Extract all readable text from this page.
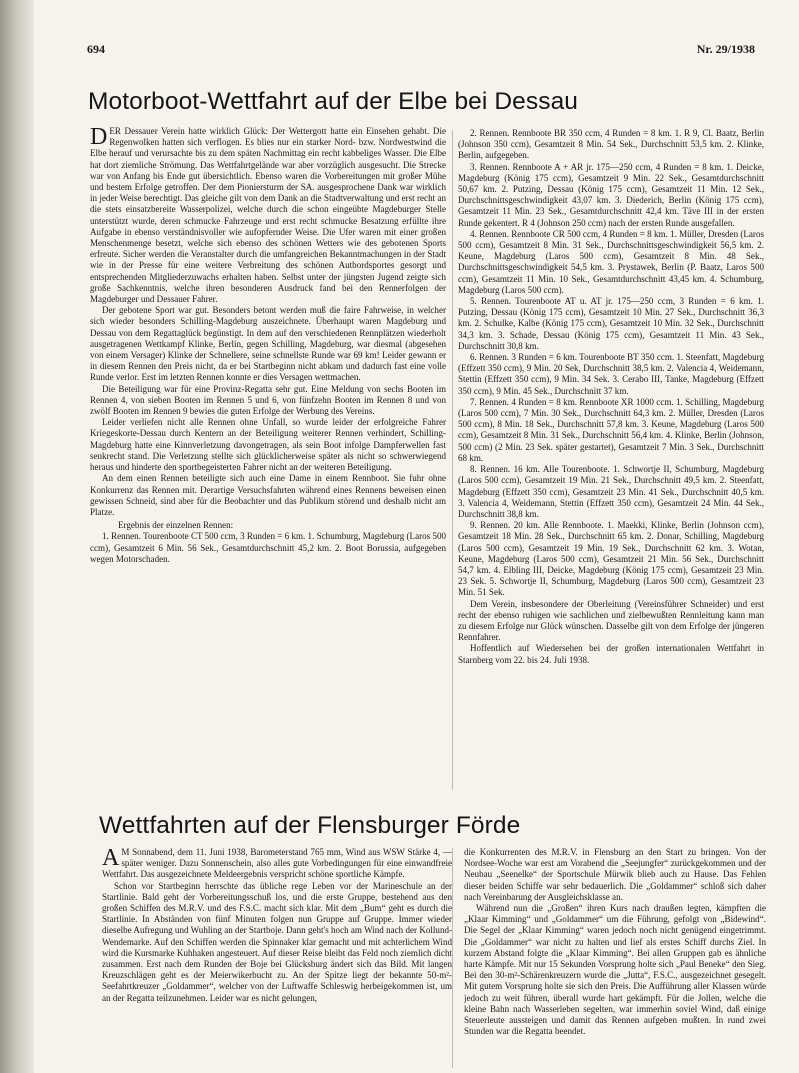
694	Nr. 29/1938
Motorboot-Wettfahrt auf der Elbe bei Dessau

DER Dessauer Verein hatte wirklich Glück: Der Wettergott hatte ein Einsehen gehabt. Die Regenwolken hatten sich verflogen. Es blies nur ein starker Nord- bzw. Nordwestwind die Elbe herauf und verursachte bis zu dem späten Nachmittag ein recht kabbeliges Wasser. Die Elbe hat dort ziemliche Strömung. Das Wettfahrtgelände war aber vorzüglich ausgesucht. Die Strecke war von Anfang bis Ende gut übersichtlich. Ebenso waren die Vorbereitungen mit großer Mühe und bestem Erfolge getroffen. Der dem Pioniersturm der SA. ausgesprochene Dank war wirklich in jeder Weise berechtigt. Das gleiche gilt von dem Dank an die Stadtverwaltung und erst recht an die stets einsatzbereite Wasserpolizei, welche durch die schon eingeübte Magdeburger Stelle unterstützt wurde, deren schmucke Fahrzeuge und erst recht schmucke Besatzung erfüllte ihre Aufgabe in ebenso verständnisvoller wie aufopfernder Weise. Die Ufer waren mit einer großen Menschenmenge besetzt, welche sich ebenso des schönen Wetters wie des gebotenen Sports erfreute. Sicher werden die Veranstalter durch die umfangreichen Bekanntmachungen in der Stadt wie in der Presse für eine weitere Verbreitung des schönen Autbordsportes gesorgt und entsprechenden Mitgliederzuwachs erhalten haben. Selbst unter der jüngsten Jugend zeigte sich große Sachkenntnis, welche ihren besonderen Ausdruck fand bei den Rennerfolgen der Magdeburger und Dessauer Fahrer.

Der gebotene Sport war gut. Besonders betont werden muß die faire Fahrweise, in welcher sich wieder besonders Schilling-Magdeburg auszeichnete. Überhaupt waren Magdeburg und Dessau von dem Regattaglück begünstigt. In dem auf den verschiedenen Rennplätzen wiederholt ausgetragenen Wettkampf Klinke, Berlin, gegen Schilling, Magdeburg, war diesmal (abgesehen von einem Versager) Klinke der Schnellere, seine schnellste Runde war 69 km! Leider gewann er in diesem Rennen den Preis nicht, da er bei Startbeginn nicht abkam und dadurch fast eine volle Runde verlor. Erst im letzten Rennen konnte er dies Versagen wettmachen.

Die Beteiligung war für eine Provinz-Regatta sehr gut. Eine Meldung von sechs Booten im Rennen 4, von sieben Booten im Rennen 5 und 6, von fünfzehn Booten im Rennen 8 und von zwölf Booten im Rennen 9 bewies die guten Erfolge der Werbung des Vereins.

Leider verliefen nicht alle Rennen ohne Unfall, so wurde leider der erfolgreiche Fahrer Kriegeskorte-Dessau durch Kentern an der Beteiligung weiterer Rennen verhindert, Schilling-Magdeburg hatte eine Kinnverletzung davongetragen, als sein Boot infolge Dampferwellen fast senkrecht stand. Die Verletzung stellte sich glücklicherweise später als nicht so schwerwiegend heraus und hinderte den sportbegeisterten Fahrer nicht an der weiteren Beteiligung.

An dem einen Rennen beteiligte sich auch eine Dame in einem Rennboot. Sie fuhr ohne Konkurrenz das Rennen mit. Derartige Versuchsfahrten während eines Rennens beweisen einen gewissen Schneid, sind aber für die Beobachter und das Publikum störend und deshalb nicht am Platze.

Ergebnis der einzelnen Rennen:

1. Rennen. Tourenboote CT 500 ccm, 3 Runden = 6 km. 1. Schumburg, Magdeburg (Laros 500 ccm), Gesamtzeit 6 Min. 56 Sek., Gesamtdurchschnitt 45,2 km. 2. Boot Borussia, aufgegeben wegen Motorschaden.

2. Rennen. Rennboote BR 350 ccm, 4 Runden = 8 km. 1. R 9, Cl. Baatz, Berlin (Johnson 350 ccm), Gesamtzeit 8 Min. 54 Sek., Durchschnitt 53,5 km. 2. Klinke, Berlin, aufgegeben.

3. Rennen. Rennboote A + AR jr. 175—250 ccm, 4 Runden = 8 km. 1. Deicke, Magdeburg (König 175 ccm), Gesamtzeit 9 Min. 22 Sek., Gesamtdurchschnitt 50,67 km. 2. Putzing, Dessau (König 175 ccm), Gesamtzeit 11 Min. 12 Sek., Durchschnittsgeschwindigkeit 43,07 km. 3. Diederich, Berlin (König 175 ccm), Gesamtzeit 11 Min. 23 Sek., Gesamtdurchschnitt 42,4 km. Täve III in der ersten Runde gekentert. R 4 (Johnson 250 ccm) nach der ersten Runde ausgefallen.

4. Rennen. Rennboote CR 500 ccm, 4 Runden = 8 km. 1. Müller, Dresden (Laros 500 ccm), Gesamtzeit 8 Min. 31 Sek., Durchschnittsgeschwindigkeit 56,5 km. 2. Keune, Magdeburg (Laros 500 ccm), Gesamtzeit 8 Min. 48 Sek., Durchschnittsgeschwindigkeit 54,5 km. 3. Prystawek, Berlin (P. Baatz, Laros 500 ccm), Gesamtzeit 11 Min. 10 Sek., Gesamtdurchschnitt 43,45 km. 4. Schumburg, Magdeburg (Laros 500 ccm).

5. Rennen. Tourenboote AT u. AT jr. 175—250 ccm, 3 Runden = 6 km. 1. Putzing, Dessau (König 175 ccm), Gesamtzeit 10 Min. 27 Sek., Durchschnitt 36,3 km. 2. Schulke, Kalbe (König 175 ccm), Gesamtzeit 10 Min. 32 Sek., Durchschnitt 34,3 km. 3. Schade, Dessau (König 175 ccm), Gesamtzeit 11 Min. 43 Sek., Durchschnitt 30,8 km.

6. Rennen. 3 Runden = 6 km. Tourenboote BT 350 ccm. 1. Steenfatt, Magdeburg (Effzett 350 ccm), 9 Min. 20 Sek, Durchschnitt 38,5 km. 2. Valencia 4, Weidemann, Stettin (Effzett 350 ccm), 9 Min. 34 Sek. 3. Cerabo III, Tanke, Magdeburg (Effzett 350 ccm), 9 Min. 45 Sek., Durchschnitt 37 km.

7. Rennen. 4 Runden = 8 km. Rennboote XR 1000 ccm. 1. Schilling, Magdeburg (Laros 500 ccm), 7 Min. 30 Sek., Durchschnitt 64,3 km. 2. Müller, Dresden (Laros 500 ccm), 8 Min. 18 Sek., Durchschnitt 57,8 km. 3. Keune, Magdeburg (Laros 500 ccm), Gesamtzeit 8 Min. 31 Sek., Durchschnitt 56,4 km. 4. Klinke, Berlin (Johnson, 500 ccm) (2 Min. 23 Sek. später gestartet), Gesamtzeit 7 Min. 3 Sek., Durchschnitt 68 km.

8. Rennen. 16 km. Alle Tourenboote. 1. Schwortje II, Schumburg, Magdeburg (Laros 500 ccm), Gesamtzeit 19 Min. 21 Sek., Durchschnitt 49,5 km. 2. Steenfatt, Magdeburg (Effzett 350 ccm), Gesamtzeit 23 Min. 41 Sek., Durchschnitt 40,5 km. 3. Valencia 4, Weidemann, Stettin (Effzett 350 ccm), Gesamtzeit 24 Min. 44 Sek., Durchschnitt 38,8 km.

9. Rennen. 20 km. Alle Rennboote. 1. Maekki, Klinke, Berlin (Johnson ccm), Gesamtzeit 18 Min. 28 Sek., Durchschnitt 65 km. 2. Donar, Schilling, Magdeburg (Laros 500 ccm), Gesamtzeit 19 Min. 19 Sek., Durchschnitt 62 km. 3. Wotan, Keune, Magdeburg (Laros 500 ccm), Gesamtzeit 21 Min. 56 Sek., Durchschnitt 54,7 km. 4. Elbling III, Deicke, Magdeburg (König 175 ccm), Gesamtzeit 23 Min. 23 Sek. 5. Schwortje II, Schumburg, Magdeburg (Laros 500 ccm), Gesamtzeit 23 Min. 51 Sek.

Dem Verein, insbesondere der Oberleitung (Vereinsführer Schneider) und erst recht der ebenso ruhigen wie sachlichen und zielbewußten Rennleitung kann man zu diesem Erfolge nur Glück wünschen. Dasselbe gilt von dem Erfolge der jüngeren Rennfahrer.

Hoffentlich auf Wiedersehen bei der großen internationalen Wettfahrt in Starnberg vom 22. bis 24. Juli 1938.

Wettfahrten auf der Flensburger Förde

A M Sonnabend, dem 11. Juni 1938, Barometerstand 765 mm, Wind aus WSW Stärke 4, — später weniger. Dazu Sonnenschein, also alles gute Vorbedingungen für eine einwandfreie Wettfahrt. Das ausgezeichnete Meldeergebnis verspricht schöne sportliche Kämpfe.

Schon vor Startbeginn herrschte das übliche rege Leben vor der Marineschule an der Startlinie. Bald geht der Vorbereitungsschuß los, und die erste Gruppe, bestehend aus den großen Schiffen des M.R.V. und des F.S.C. macht sich klar. Mit dem „Bum“ geht es durch die Startlinie. In Abständen von fünf Minuten folgen nun Gruppe auf Gruppe. Immer wieder dieselbe Aufregung und Wuhling an der Startboje. Dann geht's hoch am Wind nach der Kollund-Wendemarke. Auf den Schiffen werden die Spinnaker klar gemacht und mit achterlichem Wind wird die Kursmarke Kuhhaken angesteuert. Auf dieser Reise bleibt das Feld noch ziemlich dicht zusammen. Erst nach dem Runden der Boje bei Glücksburg ändert sich das Bild. Mit langen Kreuzschlägen geht es der Meierwikerbucht zu. An der Spitze liegt der bekannte 50-m²-Seefahrtkreuzer „Goldammer“, welcher von der Luftwaffe Schleswig herbeigekommen ist, um an der Regatta teilzunehmen. Leider war es nicht gelungen,

die Konkurrenten des M.R.V. in Flensburg an den Start zu bringen. Von der Nordsee-Woche war erst am Vorabend die „Seejungfer“ zurückgekommen und der Neubau „Seenelke“ der Sportschule Mürwik blieb auch zu Hause. Das Fehlen dieser beiden Schiffe war sehr bedauerlich. Die „Goldammer“ schloß sich daher nach Vereinbarung der Ausgleichsklasse an.

Während nun die „Großen“ ihren Kurs nach draußen legten, kämpften die „Klaar Kimming“ und „Goldammer“ um die Führung, gefolgt von „Bidewind“. Die Segel der „Klaar Kimming“ waren jedoch noch nicht genügend eingetrimmt. Die „Goldammer“ war nicht zu halten und lief als erstes Schiff durchs Ziel. In kurzem Abstand folgte die „Klaar Kimming“. Bei allen Gruppen gab es ähnliche harte Kämpfe. Mit nur 15 Sekunden Vorsprung holte sich „Paul Beneke“ den Sieg. Bei den 30-m²-Schärenkreuzern wurde die „Jutta“, F.S.C., ausgezeichnet gesegelt. Mit gutem Vorsprung holte sie sich den Preis. Die Aufführung aller Klassen würde jedoch zu weit führen, überall wurde hart gekämpft. Für die Jollen, welche die kleine Bahn nach Wasserleben segelten, war immerhin soviel Wind, daß einige Steuerleute aussteigen und damit das Rennen aufgeben mußten. In rund zwei Stunden war die Regatta beendet.
